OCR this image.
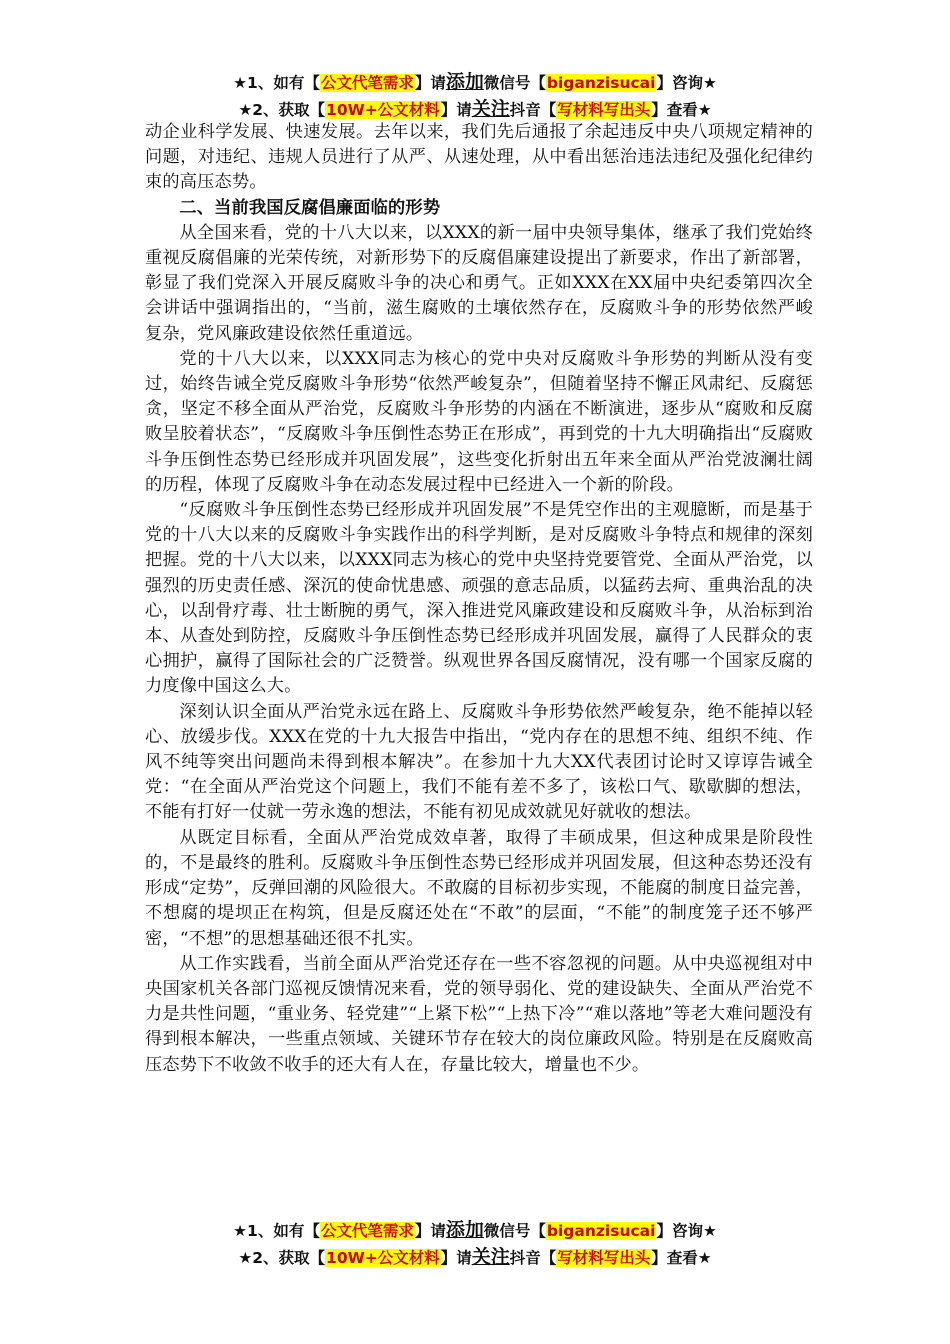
★1、如有【公文代笔需求】请添加微信号【biganzisucai】咨询★
★2、获取【10W+公文材料】请关注抖音【写材料写出头】查看★

动企业科学发展、快速发展。去年以来，我们先后通报了余起违反中央八项规定精神的问题，对违纪、违规人员进行了从严、从速处理，从中看出惩治违法违纪及强化纪律约束的高压态势。

二、当前我国反腐倡廉面临的形势

从全国来看，党的十八大以来，以XXX的新一届中央领导集体，继承了我们党始终重视反腐倡廉的光荣传统，对新形势下的反腐倡廉建设提出了新要求，作出了新部署，彰显了我们党深入开展反腐败斗争的决心和勇气。正如XXX在XX届中央纪委第四次全会讲话中强调指出的，“当前，滋生腐败的土壤依然存在，反腐败斗争的形势依然严峻复杂，党风廉政建设依然任重道远。

党的十八大以来，以XXX同志为核心的党中央对反腐败斗争形势的判断从没有变过，始终告诫全党反腐败斗争形势“依然严峻复杂”，但随着坚持不懈正风肃纪、反腐惩贪，坚定不移全面从严治党，反腐败斗争形势的内涵在不断演进，逐步从“腐败和反腐败呈胶着状态”，“反腐败斗争压倒性态势正在形成”，再到党的十九大明确指出“反腐败斗争压倒性态势已经形成并巩固发展”，这些变化折射出五年来全面从严治党波澜壮阔的历程，体现了反腐败斗争在动态发展过程中已经进入一个新的阶段。

“反腐败斗争压倒性态势已经形成并巩固发展”不是凭空作出的主观臆断，而是基于党的十八大以来的反腐败斗争实践作出的科学判断，是对反腐败斗争特点和规律的深刻把握。党的十八大以来，以XXX同志为核心的党中央坚持党要管党、全面从严治党，以强烈的历史责任感、深沉的使命忧患感、顽强的意志品质，以猛药去疴、重典治乱的决心，以刮骨疗毒、壮士断腕的勇气，深入推进党风廉政建设和反腐败斗争，从治标到治本、从查处到防控，反腐败斗争压倒性态势已经形成并巩固发展，赢得了人民群众的衷心拥护，赢得了国际社会的广泛赞誉。纵观世界各国反腐情况，没有哪一个国家反腐的力度像中国这么大。

深刻认识全面从严治党永远在路上、反腐败斗争形势依然严峻复杂，绝不能掉以轻心、放缓步伐。XXX在党的十九大报告中指出，“党内存在的思想不纯、组织不纯、作风不纯等突出问题尚未得到根本解决”。在参加十九大XX代表团讨论时又谆谆告诫全党：“在全面从严治党这个问题上，我们不能有差不多了，该松口气、歇歇脚的想法，不能有打好一仗就一劳永逸的想法，不能有初见成效就见好就收的想法。

从既定目标看，全面从严治党成效卓著，取得了丰硕成果，但这种成果是阶段性的，不是最终的胜利。反腐败斗争压倒性态势已经形成并巩固发展，但这种态势还没有形成“定势”，反弹回潮的风险很大。不敢腐的目标初步实现，不能腐的制度日益完善，不想腐的堤坝正在构筑，但是反腐还处在“不敢”的层面，“不能”的制度笼子还不够严密，“不想”的思想基础还很不扎实。

从工作实践看，当前全面从严治党还存在一些不容忽视的问题。从中央巡视组对中央国家机关各部门巡视反馈情况来看，党的领导弱化、党的建设缺失、全面从严治党不力是共性问题，“重业务、轻党建”“上紧下松”“上热下冷”“难以落地”等老大难问题没有得到根本解决，一些重点领域、关键环节存在较大的岗位廉政风险。特别是在反腐败高压态势下不收敛不收手的还大有人在，存量比较大，增量也不少。

★1、如有【公文代笔需求】请添加微信号【biganzisucai】咨询★
★2、获取【10W+公文材料】请关注抖音【写材料写出头】查看★
